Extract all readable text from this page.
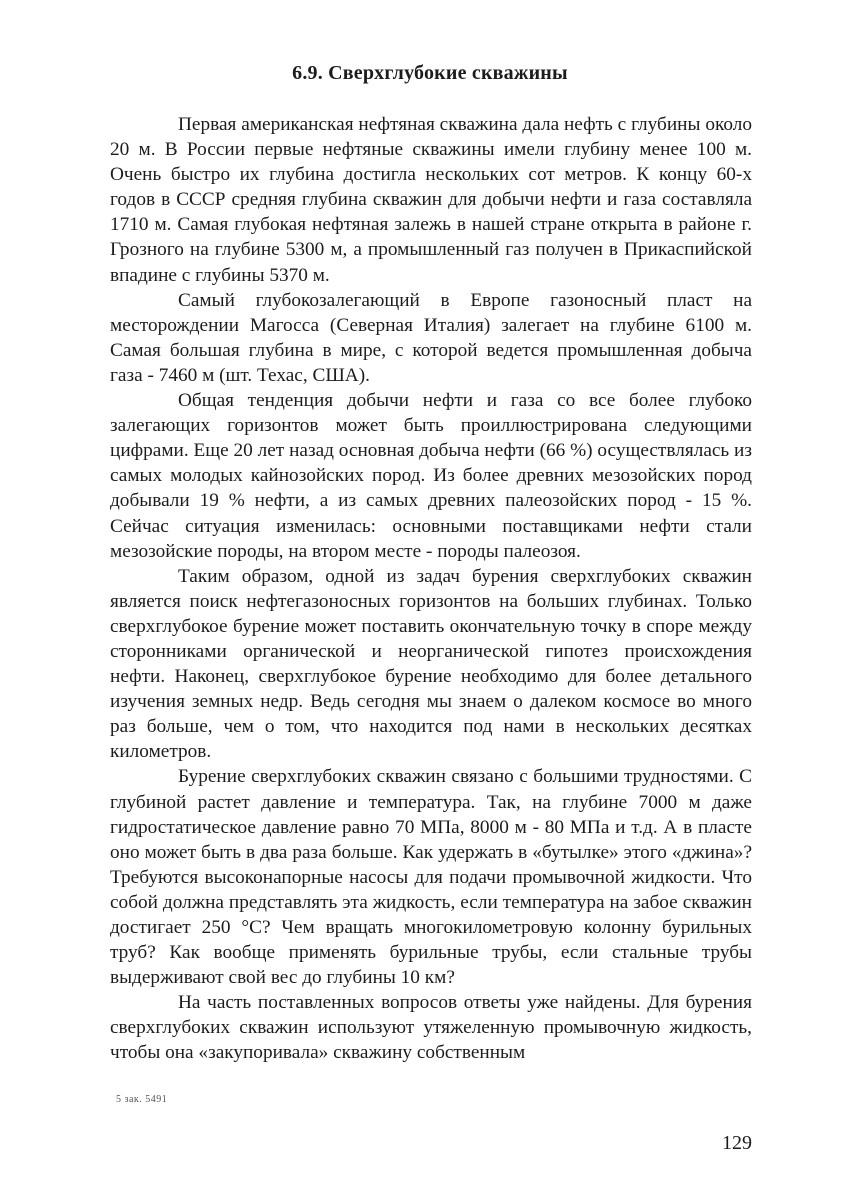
6.9. Сверхглубокие скважины

Первая американская нефтяная скважина дала нефть с глубины около 20 м. В России первые нефтяные скважины имели глубину менее 100 м. Очень быстро их глубина достигла нескольких сот метров. К концу 60-х годов в СССР средняя глубина скважин для добычи нефти и газа составляла 1710 м. Самая глубокая нефтяная залежь в нашей стране открыта в районе г. Грозного на глубине 5300 м, а промышленный газ получен в Прикаспийской впадине с глубины 5370 м.

Самый глубокозалегающий в Европе газоносный пласт на месторождении Магосса (Северная Италия) залегает на глубине 6100 м. Самая большая глубина в мире, с которой ведется промышленная добыча газа - 7460 м (шт. Техас, США).

Общая тенденция добычи нефти и газа со все более глубоко залегающих горизонтов может быть проиллюстрирована следующими цифрами. Еще 20 лет назад основная добыча нефти (66 %) осуществлялась из самых молодых кайнозойских пород. Из более древних мезозойских пород добывали 19 % нефти, а из самых древних палеозойских пород - 15 %. Сейчас ситуация изменилась: основными поставщиками нефти стали мезозойские породы, на втором месте - породы палеозоя.

Таким образом, одной из задач бурения сверхглубоких скважин является поиск нефтегазоносных горизонтов на больших глубинах. Только сверхглубокое бурение может поставить окончательную точку в споре между сторонниками органической и неорганической гипотез происхождения нефти. Наконец, сверхглубокое бурение необходимо для более детального изучения земных недр. Ведь сегодня мы знаем о далеком космосе во много раз больше, чем о том, что находится под нами в нескольких десятках километров.

Бурение сверхглубоких скважин связано с большими трудностями. С глубиной растет давление и температура. Так, на глубине 7000 м даже гидростатическое давление равно 70 МПа, 8000 м - 80 МПа и т.д. А в пласте оно может быть в два раза больше. Как удержать в «бутылке» этого «джина»? Требуются высоконапорные насосы для подачи промывочной жидкости. Что собой должна представлять эта жидкость, если температура на забое скважин достигает 250 °С? Чем вращать многокилометровую колонну бурильных труб? Как вообще применять бурильные трубы, если стальные трубы выдерживают свой вес до глубины 10 км?

На часть поставленных вопросов ответы уже найдены. Для бурения сверхглубоких скважин используют утяжеленную промывочную жидкость, чтобы она «закупоривала» скважину собственным

5 зак. 5491
129
